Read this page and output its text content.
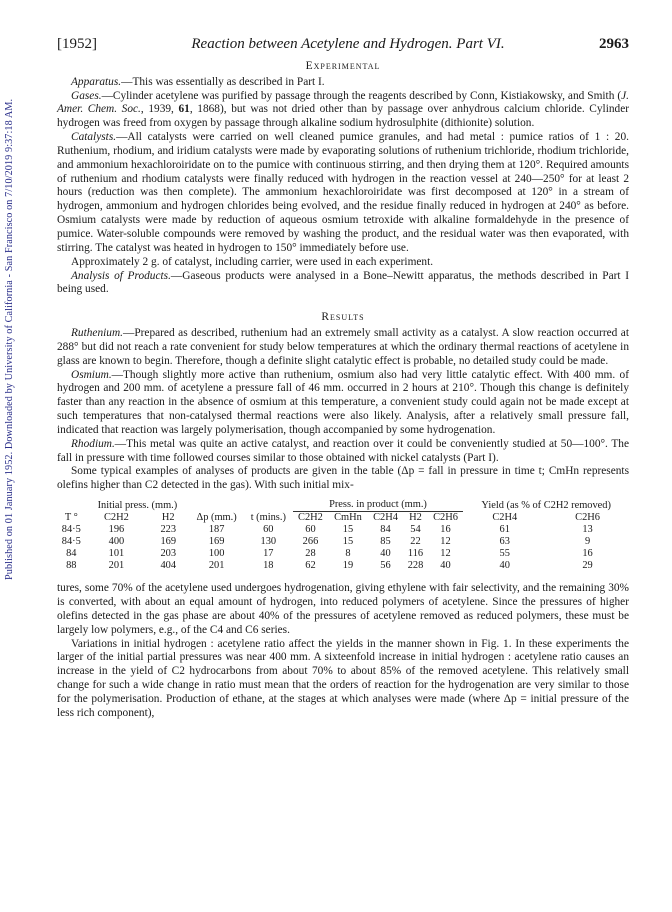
Published on 01 January 1952. Downloaded by University of California - San Francisco on 7/10/2019 9:37:18 AM.
[1952]	Reaction between Acetylene and Hydrogen. Part VI.	2963
Experimental

Apparatus.—This was essentially as described in Part I.

Gases.—Cylinder acetylene was purified by passage through the reagents described by Conn, Kistiakowsky, and Smith (J. Amer. Chem. Soc., 1939, 61, 1868), but was not dried other than by passage over anhydrous calcium chloride. Cylinder hydrogen was freed from oxygen by passage through alkaline sodium hydrosulphite (dithionite) solution.

Catalysts.—All catalysts were carried on well cleaned pumice granules, and had metal : pumice ratios of 1 : 20. Ruthenium, rhodium, and iridium catalysts were made by evaporating solutions of ruthenium trichloride, rhodium trichloride, and ammonium hexachloroiridate on to the pumice with continuous stirring, and then drying them at 120°. Required amounts of ruthenium and rhodium catalysts were finally reduced with hydrogen in the reaction vessel at 240—250° for at least 2 hours (reduction was then complete). The ammonium hexachloroiridate was first decomposed at 120° in a stream of hydrogen, ammonium and hydrogen chlorides being evolved, and the residue finally reduced in hydrogen at 240° as before. Osmium catalysts were made by reduction of aqueous osmium tetroxide with alkaline formaldehyde in the presence of pumice. Water-soluble compounds were removed by washing the product, and the residual water was then evaporated, with stirring. The catalyst was heated in hydrogen to 150° immediately before use.

Approximately 2 g. of catalyst, including carrier, were used in each experiment.

Analysis of Products.—Gaseous products were analysed in a Bone–Newitt apparatus, the methods described in Part I being used.

Results

Ruthenium.—Prepared as described, ruthenium had an extremely small activity as a catalyst. A slow reaction occurred at 288° but did not reach a rate convenient for study below temperatures at which the ordinary thermal reactions of acetylene in glass are known to begin. Therefore, though a definite slight catalytic effect is probable, no detailed study could be made.

Osmium.—Though slightly more active than ruthenium, osmium also had very little catalytic effect. With 400 mm. of hydrogen and 200 mm. of acetylene a pressure fall of 46 mm. occurred in 2 hours at 210°. Though this change is definitely faster than any reaction in the absence of osmium at this temperature, a convenient study could again not be made except at such temperatures that non-catalysed thermal reactions were also likely. Analysis, after a relatively small pressure fall, indicated that reaction was largely polymerisation, though accompanied by some hydrogenation.

Rhodium.—This metal was quite an active catalyst, and reaction over it could be conveniently studied at 50—100°. The fall in pressure with time followed courses similar to those obtained with nickel catalysts (Part I).

Some typical examples of analyses of products are given in the table (Δp = fall in pressure in time t; CmHn represents olefins higher than C2 detected in the gas). With such initial mix-

T °	Initial press. (mm.)		Δp (mm.)	t (mins.)	Press. in product (mm.)					Yield (as % of C2H2 removed)	
	C2H2	H2			C2H2	CmHn	C2H4	H2	C2H6	C2H4	C2H6
84·5	196	223	187	60	60	15	84	54	16	61	13
84·5	400	169	169	130	266	15	85	22	12	63	9
84	101	203	100	17	28	8	40	116	12	55	16
88	201	404	201	18	62	19	56	228	40	40	29

tures, some 70% of the acetylene used undergoes hydrogenation, giving ethylene with fair selectivity, and the remaining 30% is converted, with about an equal amount of hydrogen, into reduced polymers of acetylene. Since the pressures of higher olefins detected in the gas phase are about 40% of the pressures of acetylene removed as reduced polymers, these must be largely low polymers, e.g., of the C4 and C6 series.

Variations in initial hydrogen : acetylene ratio affect the yields in the manner shown in Fig. 1. In these experiments the larger of the initial partial pressures was near 400 mm. A sixteenfold increase in initial hydrogen : acetylene ratio causes an increase in the yield of C2 hydrocarbons from about 70% to about 85% of the removed acetylene. This relatively small change for such a wide change in ratio must mean that the orders of reaction for the hydrogenation are very similar to those for the polymerisation. Production of ethane, at the stages at which analyses were made (where Δp = initial pressure of the less rich component),
